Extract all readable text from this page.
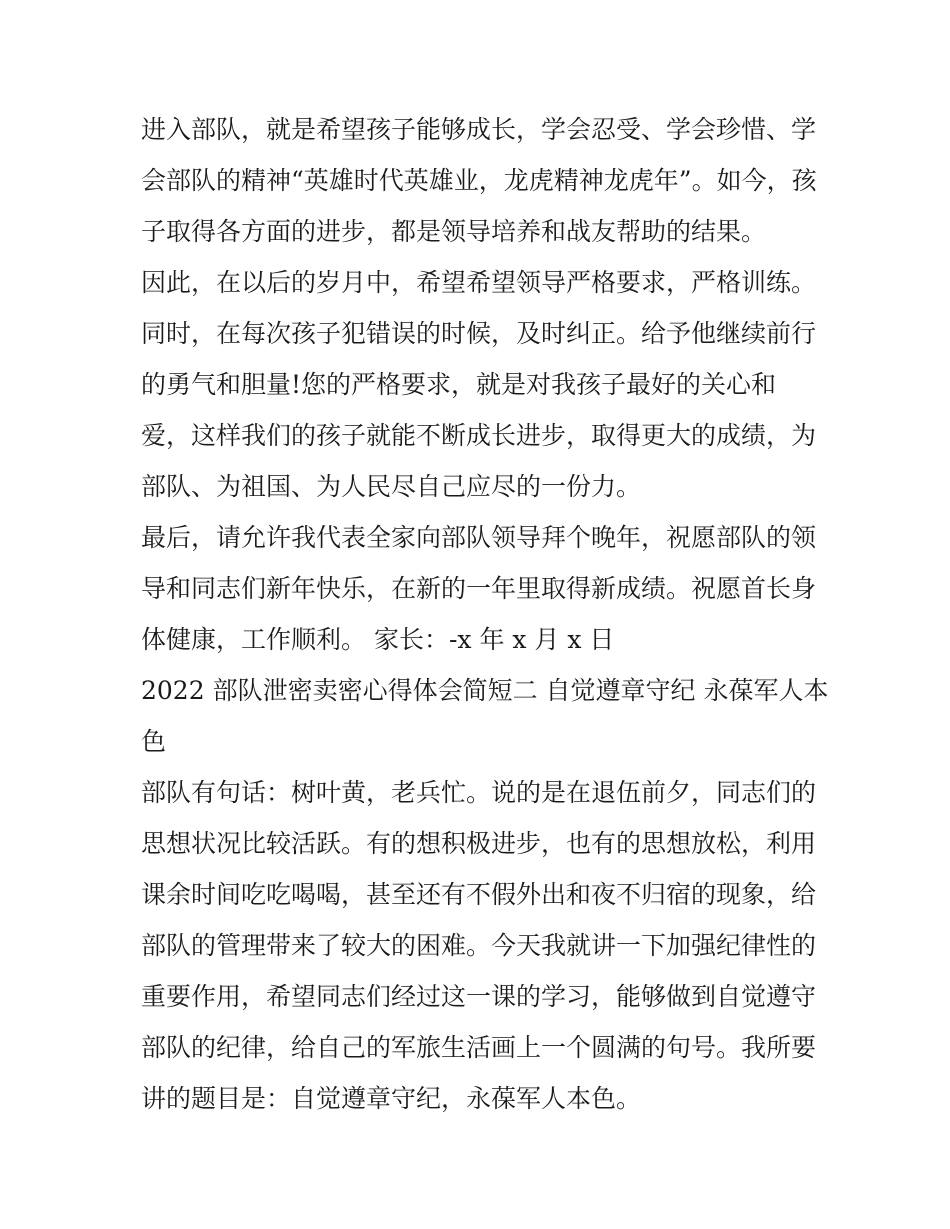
进入部队，就是希望孩子能够成长，学会忍受、学会珍惜、学
会部队的精神“英雄时代英雄业，龙虎精神龙虎年”。如今，孩
子取得各方面的进步，都是领导培养和战友帮助的结果。
因此，在以后的岁月中，希望希望领导严格要求，严格训练。
同时，在每次孩子犯错误的时候，及时纠正。给予他继续前行
的勇气和胆量!您的严格要求，就是对我孩子最好的关心和
爱，这样我们的孩子就能不断成长进步，取得更大的成绩，为
部队、为祖国、为人民尽自己应尽的一份力。
最后，请允许我代表全家向部队领导拜个晚年，祝愿部队的领
导和同志们新年快乐，在新的一年里取得新成绩。祝愿首长身
体健康，工作顺利。 家长：-x 年 x 月 x 日
2022 部队泄密卖密心得体会简短二 自觉遵章守纪 永葆军人本
色
部队有句话：树叶黄，老兵忙。说的是在退伍前夕，同志们的
思想状况比较活跃。有的想积极进步，也有的思想放松，利用
课余时间吃吃喝喝，甚至还有不假外出和夜不归宿的现象，给
部队的管理带来了较大的困难。今天我就讲一下加强纪律性的
重要作用，希望同志们经过这一课的学习，能够做到自觉遵守
部队的纪律，给自己的军旅生活画上一个圆满的句号。我所要
讲的题目是：自觉遵章守纪，永葆军人本色。
